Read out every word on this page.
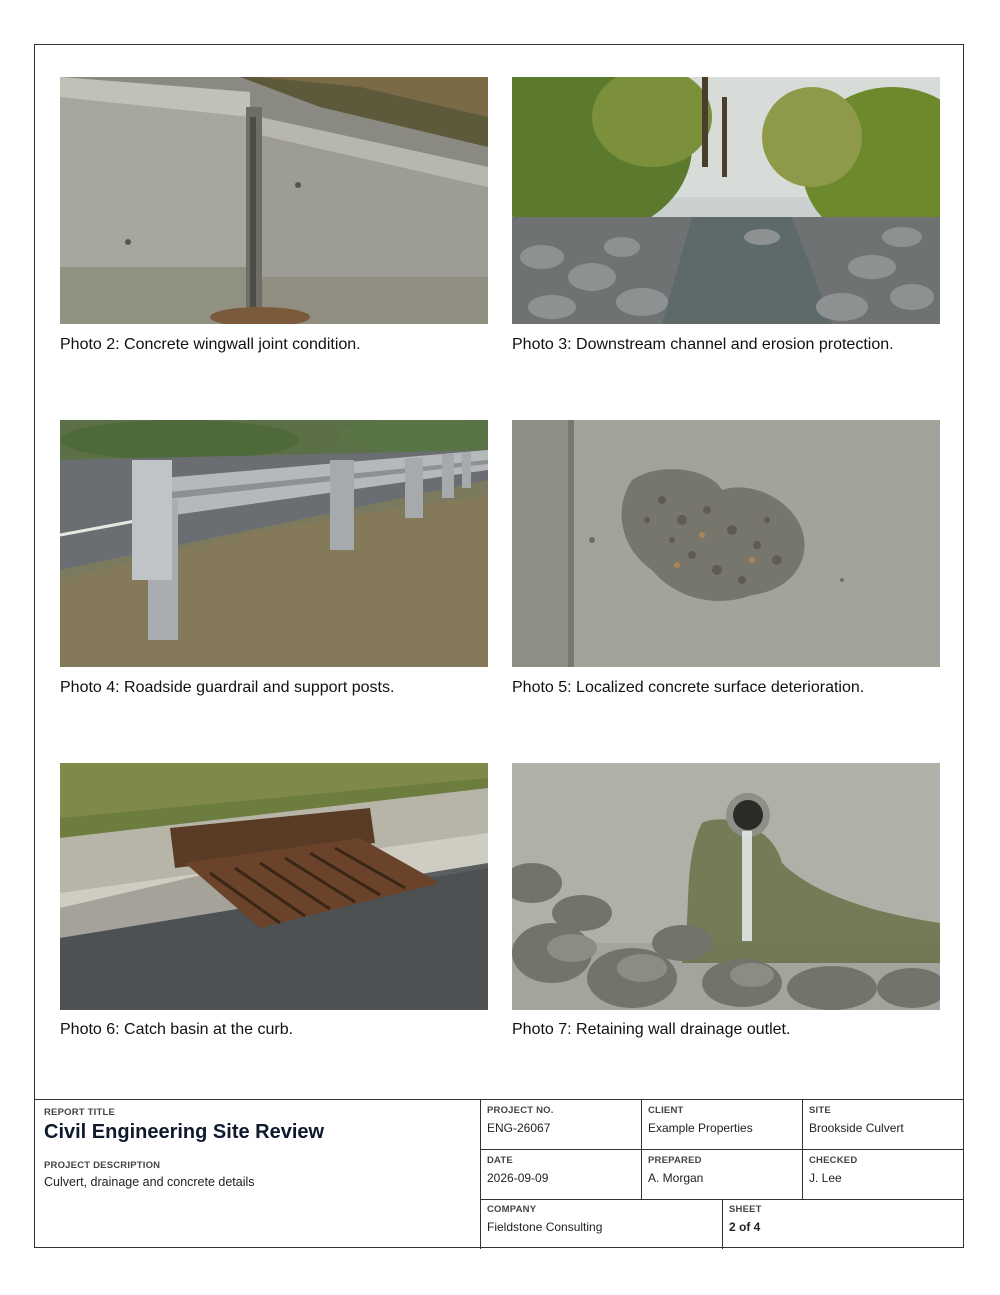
Photo 2: Concrete wingwall joint condition.	Photo 3: Downstream channel and erosion protection.
Photo 4: Roadside guardrail and support posts.	Photo 5: Localized concrete surface deterioration.
Photo 6: Catch basin at the curb.	Photo 7: Retaining wall drainage outlet.
REPORT TITLE
Civil Engineering Site Review
PROJECT DESCRIPTION
Culvert, drainage and concrete details
PROJECT NO.
ENG-26067
CLIENT
Example Properties
SITE
Brookside Culvert
DATE
2026-09-09
PREPARED
A. Morgan
CHECKED
J. Lee
COMPANY
Fieldstone Consulting
SHEET
2 of 4
